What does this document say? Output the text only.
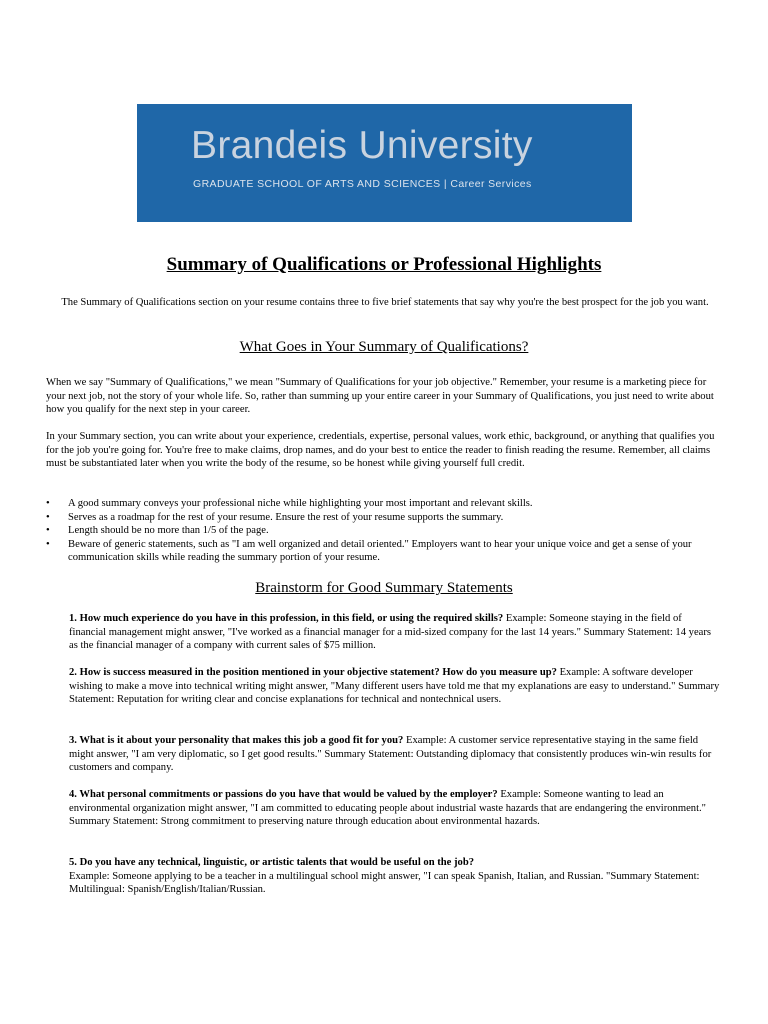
Brandeis University
GRADUATE SCHOOL OF ARTS AND SCIENCES | Career Services
Summary of Qualifications or Professional Highlights
The Summary of Qualifications section on your resume contains three to five brief statements that say why you're the best prospect for the job you want.
What Goes in Your Summary of Qualifications?
When we say "Summary of Qualifications," we mean "Summary of Qualifications for your job objective." Remember, your resume is a marketing piece for your next job, not the story of your whole life. So, rather than summing up your entire career in your Summary of Qualifications, you just need to write about how you qualify for the next step in your career.
In your Summary section, you can write about your experience, credentials, expertise, personal values, work ethic, background, or anything that qualifies you for the job you're going for. You're free to make claims, drop names, and do your best to entice the reader to finish reading the resume. Remember, all claims must be substantiated later when you write the body of the resume, so be honest while giving yourself full credit.
• A good summary conveys your professional niche while highlighting your most important and relevant skills.
• Serves as a roadmap for the rest of your resume. Ensure the rest of your resume supports the summary.
• Length should be no more than 1/5 of the page.
• Beware of generic statements, such as "I am well organized and detail oriented." Employers want to hear your unique voice and get a sense of your communication skills while reading the summary portion of your resume.
Brainstorm for Good Summary Statements
1. How much experience do you have in this profession, in this field, or using the required skills? Example: Someone staying in the field of financial management might answer, "I've worked as a financial manager for a mid-sized company for the last 14 years." Summary Statement: 14 years as the financial manager of a company with current sales of $75 million.
2. How is success measured in the position mentioned in your objective statement? How do you measure up? Example: A software developer wishing to make a move into technical writing might answer, "Many different users have told me that my explanations are easy to understand." Summary Statement: Reputation for writing clear and concise explanations for technical and nontechnical users.
3. What is it about your personality that makes this job a good fit for you? Example: A customer service representative staying in the same field might answer, "I am very diplomatic, so I get good results." Summary Statement: Outstanding diplomacy that consistently produces win-win results for customers and company.
4. What personal commitments or passions do you have that would be valued by the employer? Example: Someone wanting to lead an environmental organization might answer, "I am committed to educating people about industrial waste hazards that are endangering the environment." Summary Statement: Strong commitment to preserving nature through education about environmental hazards.
5. Do you have any technical, linguistic, or artistic talents that would be useful on the job?
Example: Someone applying to be a teacher in a multilingual school might answer, "I can speak Spanish, Italian, and Russian. "Summary Statement: Multilingual: Spanish/English/Italian/Russian.
